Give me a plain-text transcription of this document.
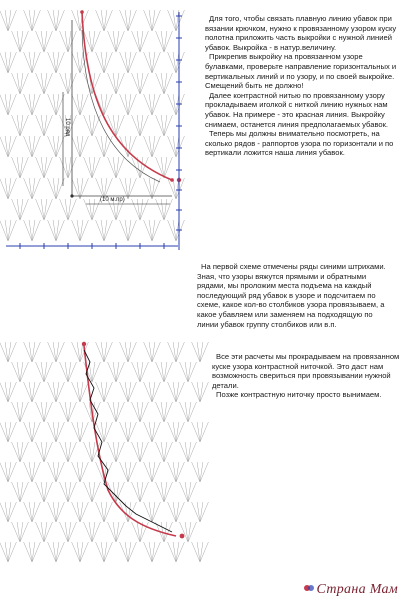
10 ряд
(10 м.пр)

Для того, чтобы связать плавную линию убавок при вязании крючком, нужно к провязанному узором куску полотна приложить часть выкройки с нужной линией убавок. Выкройка - в натур.величину.

Прикрепив выкройку на провязанном узоре булавками, проверьте направление горизонтальных и вертикальных линий и по узору, и по своей выкройке. Смещений быть не должно!

Далее контрастной нитью по провязанному узору прокладываем иголкой с ниткой линию нужных нам убавок. На примере - это красная линия. Выкройку снимаем, останется линия предполагаемых убавок.

Теперь мы должны внимательно посмотреть, на сколько рядов - раппортов узора по горизонтали и по вертикали ложится наша линия убавок.

На первой схеме отмечены ряды синими штрихами. Зная, что узоры вяжутся прямыми и обратными рядами, мы проложим места подъема на каждый последующий ряд убавок в узоре и подсчитаем по схеме, какое кол-во столбиков узора провязываем, а какое убавляем или заменяем на подходящую по линии убавок группу столбиков или в.п.

Все эти расчеты мы прокрадываем на провязанном куске узора контрастной ниточкой. Это даст нам возможность свериться при провязывании нужной детали.

Позже контрастную ниточку просто вынимаем.

Страна Мам
